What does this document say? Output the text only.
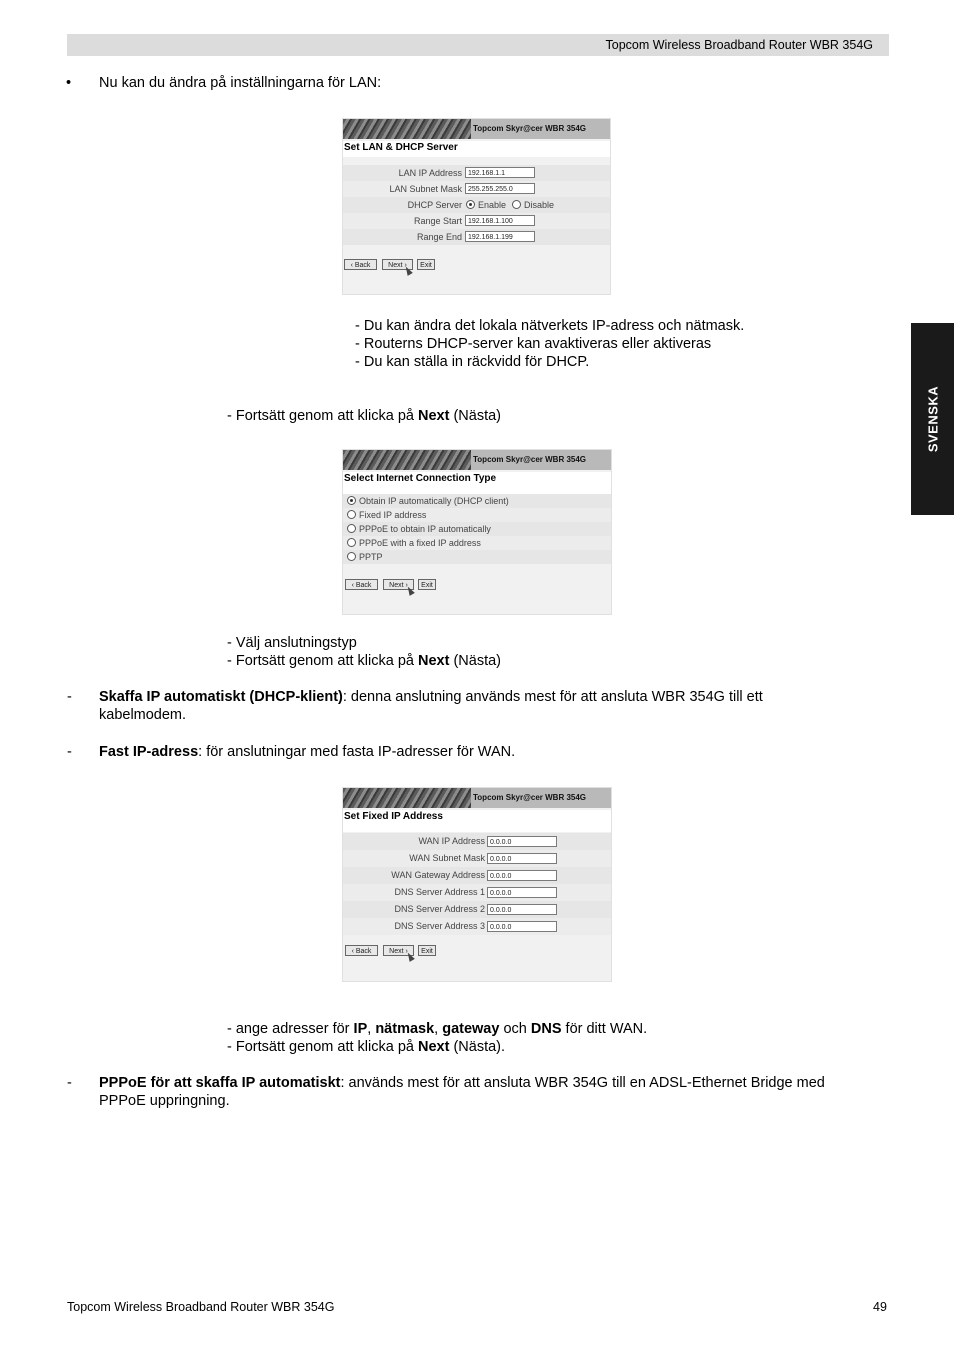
Topcom Wireless Broadband Router WBR 354G
SVENSKA
• Nu kan du ändra på inställningarna för LAN:
Topcom Skyr@cer WBR 354G
Set LAN & DHCP Server
LAN IP Address 192.168.1.1
LAN Subnet Mask 255.255.255.0
DHCP Server	Enable	Disable
Range Start 192.168.1.100
Range End 192.168.1.199
‹ Back	Next ›	Exit
- Du kan ändra det lokala nätverkets IP-adress och nätmask.
- Routerns DHCP-server kan avaktiveras eller aktiveras
- Du kan ställa in räckvidd för DHCP.
- Fortsätt genom att klicka på Next (Nästa)
Topcom Skyr@cer WBR 354G
Select Internet Connection Type
Obtain IP automatically (DHCP client)
Fixed IP address
PPPoE to obtain IP automatically
PPPoE with a fixed IP address
PPTP
‹ Back	Next ›	Exit
- Välj anslutningstyp
- Fortsätt genom att klicka på Next (Nästa)
- Skaffa IP automatiskt (DHCP-klient): denna anslutning används mest för att ansluta WBR 354G till ett
kabelmodem.
- Fast IP-adress: för anslutningar med fasta IP-adresser för WAN.
Topcom Skyr@cer WBR 354G
Set Fixed IP Address
WAN IP Address 0.0.0.0
WAN Subnet Mask 0.0.0.0
WAN Gateway Address 0.0.0.0
DNS Server Address 1 0.0.0.0
DNS Server Address 2 0.0.0.0
DNS Server Address 3 0.0.0.0
‹ Back	Next ›	Exit
- ange adresser för IP, nätmask, gateway och DNS för ditt WAN.
- Fortsätt genom att klicka på Next (Nästa).
- PPPoE för att skaffa IP automatiskt: används mest för att ansluta WBR 354G till en ADSL-Ethernet Bridge med
PPPoE uppringning.
Topcom Wireless Broadband Router WBR 354G	49
